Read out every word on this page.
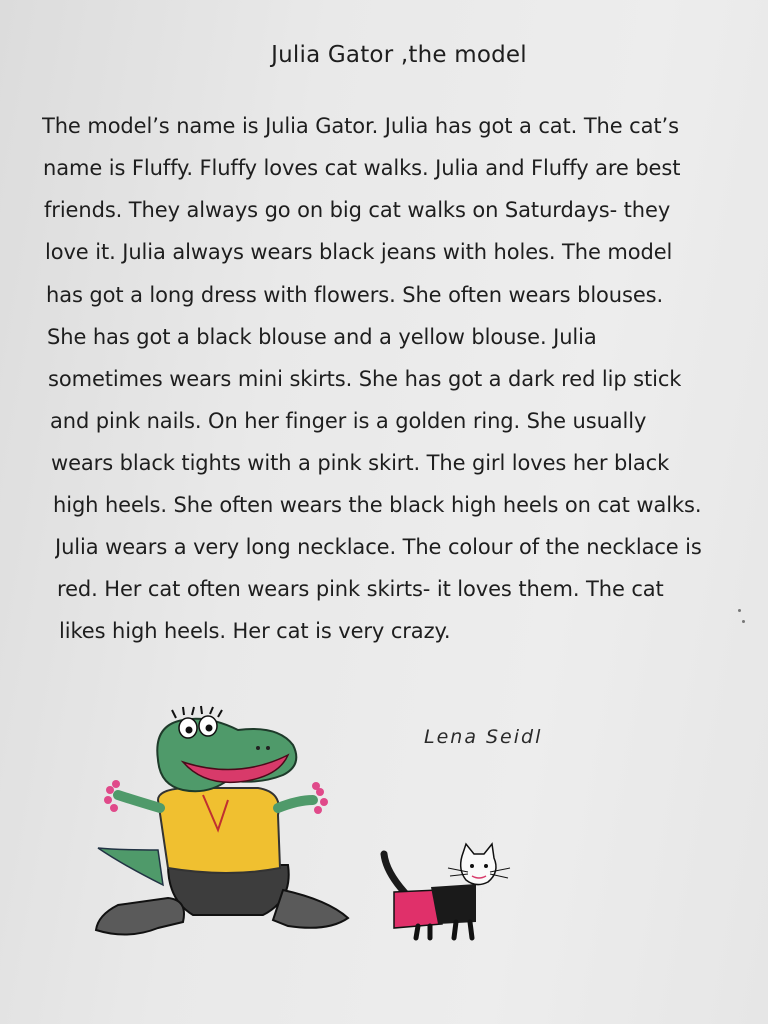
Julia Gator ,the model
The model’s name is Julia Gator. Julia has got a cat. The cat’s
name is Fluffy. Fluffy loves cat walks. Julia and Fluffy are best
friends. They always go on big cat walks on Saturdays- they
love it. Julia always wears black jeans with holes. The model
has got a long dress with flowers. She often wears blouses.
She has got a black blouse and a yellow blouse. Julia
sometimes wears mini skirts. She has got a dark red lip stick
and pink nails. On her finger is a golden ring. She usually
wears black tights with a pink skirt. The girl loves her black
high heels. She often wears the black high heels on cat walks.
Julia wears a very long necklace. The colour of the necklace is
red. Her cat often wears pink skirts- it loves them. The cat
likes high heels. Her cat is very crazy.
Lena Seidl
